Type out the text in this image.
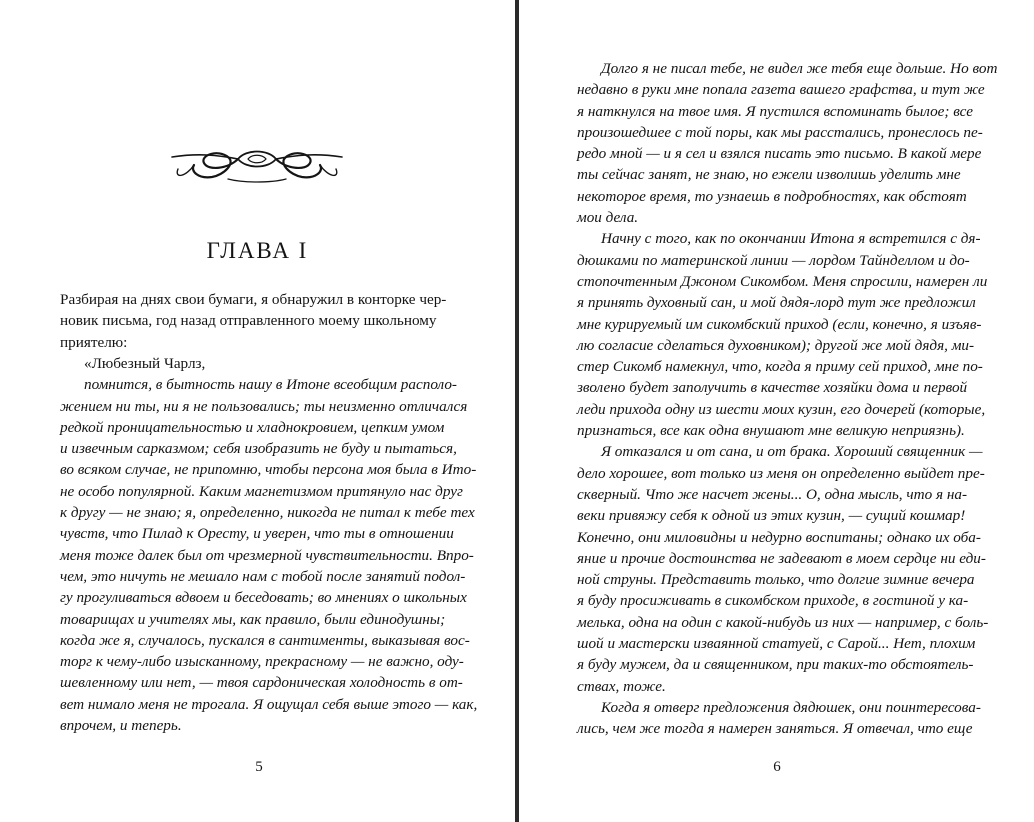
ГЛАВА I
Разбирая на днях свои бумаги, я обнаружил в конторке чер-
новик письма, год назад отправленного моему школьному
приятелю:
«Любезный Чарлз,
помнится, в бытность нашу в Итоне всеобщим располо-
жением ни ты, ни я не пользовались; ты неизменно отличался
редкой проницательностью и хладнокровием, цепким умом
и извечным сарказмом; себя изобразить не буду и пытаться,
во всяком случае, не припомню, чтобы персона моя была в Ито-
не особо популярной. Каким магнетизмом притянуло нас друг
к другу — не знаю; я, определенно, никогда не питал к тебе тех
чувств, что Пилад к Оресту, и уверен, что ты в отношении
меня тоже далек был от чрезмерной чувствительности. Впро-
чем, это ничуть не мешало нам с тобой после занятий подол-
гу прогуливаться вдвоем и беседовать; во мнениях о школьных
товарищах и учителях мы, как правило, были единодушны;
когда же я, случалось, пускался в сантименты, выказывая вос-
торг к чему-либо изысканному, прекрасному — не важно, оду-
шевленному или нет, — твоя сардоническая холодность в от-
вет нимало меня не трогала. Я ощущал себя выше этого — как,
впрочем, и теперь.
5
Долго я не писал тебе, не видел же тебя еще дольше. Но вот
недавно в руки мне попала газета вашего графства, и тут же
я наткнулся на твое имя. Я пустился вспоминать былое; все
произошедшее с той поры, как мы расстались, пронеслось пе-
редо мной — и я сел и взялся писать это письмо. В какой мере
ты сейчас занят, не знаю, но ежели изволишь уделить мне
некоторое время, то узнаешь в подробностях, как обстоят
мои дела.
Начну с того, как по окончании Итона я встретился с дя-
дюшками по материнской линии — лордом Тайнделлом и до-
стопочтенным Джоном Сикомбом. Меня спросили, намерен ли
я принять духовный сан, и мой дядя-лорд тут же предложил
мне курируемый им сикомбский приход (если, конечно, я изъяв-
лю согласие сделаться духовником); другой же мой дядя, ми-
стер Сикомб намекнул, что, когда я приму сей приход, мне по-
зволено будет заполучить в качестве хозяйки дома и первой
леди прихода одну из шести моих кузин, его дочерей (которые,
признаться, все как одна внушают мне великую неприязнь).
Я отказался и от сана, и от брака. Хороший священник —
дело хорошее, вот только из меня он определенно выйдет пре-
скверный. Что же насчет жены... О, одна мысль, что я на-
веки привяжу себя к одной из этих кузин, — сущий кошмар!
Конечно, они миловидны и недурно воспитаны; однако их оба-
яние и прочие достоинства не задевают в моем сердце ни еди-
ной струны. Представить только, что долгие зимние вечера
я буду просиживать в сикомбском приходе, в гостиной у ка-
мелька, одна на один с какой-нибудь из них — например, с боль-
шой и мастерски изваянной статуей, с Сарой... Нет, плохим
я буду мужем, да и священником, при таких-то обстоятель-
ствах, тоже.
Когда я отверг предложения дядюшек, они поинтересова-
лись, чем же тогда я намерен заняться. Я отвечал, что еще
6
